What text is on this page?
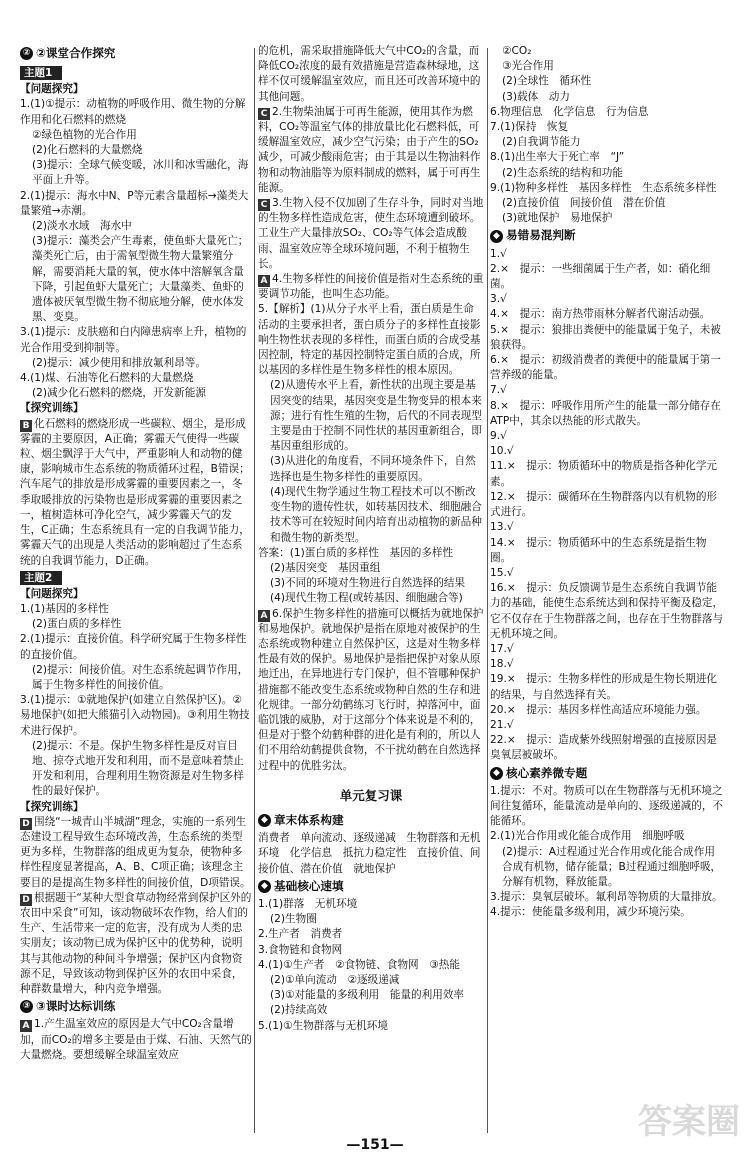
② ②课堂合作探究
主题1
【问题探究】
1.(1)①提示：动植物的呼吸作用、微生物的分解作用和化石燃料的燃烧
②绿色植物的光合作用
(2)化石燃料的大量燃烧
(3)提示：全球气候变暖，冰川和冰雪融化，海平面上升等。
2.(1)提示：海水中N、P等元素含量超标→藻类大量繁殖→赤潮。
(2)淡水水域　海水中
(3)提示：藻类会产生毒素，使鱼虾大量死亡；藻类死亡后，由于需氧型微生物大量繁殖分解，需要消耗大量的氧，使水体中溶解氧含量下降，引起鱼虾大量死亡；大量藻类、鱼虾的遗体被厌氧型微生物不彻底地分解，使水体发黑、变臭。
3.(1)提示：皮肤癌和白内障患病率上升，植物的光合作用受到抑制等。
(2)提示：减少使用和排放氟利昂等。
4.(1)煤、石油等化石燃料的大量燃烧
(2)减少化石燃料的燃烧，开发新能源
【探究训练】
B 化石燃料的燃烧形成一些碳粒、烟尘，是形成雾霾的主要原因，A正确；雾霾天气使得一些碳粒、烟尘飘浮于大气中，严重影响人和动物的健康，影响城市生态系统的物质循环过程，B错误；汽车尾气的排放是形成雾霾的重要因素之一，冬季取暖排放的污染物也是形成雾霾的重要因素之一，植树造林可净化空气，减少雾霾天气的发生，C正确；生态系统具有一定的自我调节能力，雾霾天气的出现是人类活动的影响超过了生态系统的自我调节能力，D正确。
主题2
【问题探究】
1.(1)基因的多样性
(2)蛋白质的多样性
2.(1)提示：直接价值。科学研究属于生物多样性的直接价值。
(2)提示：间接价值。对生态系统起调节作用，属于生物多样性的间接价值。
3.(1)提示：①就地保护(如建立自然保护区)。②易地保护(如把大熊猫引入动物园)。③利用生物技术进行保护。
(2)提示：不是。保护生物多样性是反对盲目地、掠夺式地开发和利用，而不是意味着禁止开发和利用，合理利用生物资源是对生物多样性的最好保护。
【探究训练】
D 围绕“一城青山半城湖”理念，实施的一系列生态建设工程导致生态环境改善，生态系统的类型更为多样，生物群落的组成更为复杂，使物种多样性程度显著提高，A、B、C项正确；该理念主要目的是提高生物多样性的间接价值，D项错误。
D 根据题干“某种大型食草动物经常到保护区外的农田中采食”可知，该动物破坏农作物，给人们的生产、生活带来一定的危害，没有成为人类的忠实朋友；该动物已成为保护区中的优势种，说明其与其他动物的种间斗争增强；保护区内食物资源不足，导致该动物到保护区外的农田中采食，种群数量增大，种内竞争增强。
③ ③课时达标训练
A 1.产生温室效应的原因是大气中CO₂含量增加，而CO₂的增多主要是由于煤、石油、天然气的大量燃烧。要想缓解全球温室效应
的危机，需采取措施降低大气中CO₂的含量，而降低CO₂浓度的最有效措施是营造森林绿地，这样不仅可缓解温室效应，而且还可改善环境中的其他问题。
C 2.生物柴油属于可再生能源，使用其作为燃料，CO₂等温室气体的排放量比化石燃料低，可缓解温室效应，减少空气污染；由于产生的SO₂减少，可减少酸雨危害；由于其是以生物油料作物和动物油脂等为原料制成的燃料，属于可再生能源。
C 3.生物入侵不仅加剧了生存斗争，同时对当地的生物多样性造成危害，使生态环境遭到破坏。工业生产大量排放SO₂、CO₂等气体会造成酸雨、温室效应等全球环境问题，不利于植物生长。
A 4.生物多样性的间接价值是指对生态系统的重要调节功能，也叫生态功能。
5.【解析】(1)从分子水平上看，蛋白质是生命活动的主要承担者，蛋白质分子的多样性直接影响生物性状表现的多样性，而蛋白质的合成受基因控制，特定的基因控制特定蛋白质的合成，所以基因的多样性是生物多样性的根本原因。
(2)从遗传水平上看，新性状的出现主要是基因突变的结果，基因突变是生物变异的根本来源；进行有性生殖的生物，后代的不同表现型主要是由于控制不同性状的基因重新组合，即基因重组形成的。
(3)从进化的角度看，不同环境条件下，自然选择也是生物多样性的重要原因。
(4)现代生物学通过生物工程技术可以不断改变生物的遗传性状，如转基因技术、细胞融合技术等可在较短时间内培育出动植物的新品种和微生物的新类型。
答案：(1)蛋白质的多样性　基因的多样性
(2)基因突变　基因重组
(3)不同的环境对生物进行自然选择的结果
(4)现代生物工程(或转基因、细胞融合等)
A 6.保护生物多样性的措施可以概括为就地保护和易地保护。就地保护是指在原地对被保护的生态系统或物种建立自然保护区，这是对生物多样性最有效的保护。易地保护是指把保护对象从原地迁出，在异地进行专门保护，但不管哪种保护措施都不能改变生态系统或物种自然的生存和进化规律。一部分幼鹤练习飞行时，掉落河中，面临饥饿的威胁，对于这部分个体来说是不利的，但是对于整个幼鹤种群的进化是有利的，所以人们不用给幼鹤提供食物，不干扰幼鹤在自然选择过程中的优胜劣汰。
单元复习课
◆ 章末体系构建
消费者　单向流动、逐级递减　生物群落和无机环境　化学信息　抵抗力稳定性　直接价值、间接价值、潜在价值　就地保护
◆ 基础核心速填
1.(1)群落　无机环境
(2)生物圈
2.生产者　消费者
3.食物链和食物网
4.(1)①生产者　②食物链、食物网　③热能
(2)①单向流动　②逐级递减
(3)①对能量的多级利用　能量的利用效率
(2)持续高效
5.(1)①生物群落与无机环境
②CO₂
③光合作用
(2)全球性　循环性
(3)载体　动力
6.物理信息　化学信息　行为信息
7.(1)保持　恢复
(2)自我调节能力
8.(1)出生率大于死亡率　“J”
(2)生态系统的结构和功能
9.(1)物种多样性　基因多样性　生态系统多样性
(2)直接价值　间接价值　潜在价值
(3)就地保护　易地保护
◆ 易错易混判断
1.√
2.×　提示：一些细菌属于生产者，如：硝化细菌。
3.√
4.×　提示：南方热带雨林分解者代谢活动强。
5.×　提示：狼排出粪便中的能量属于兔子，未被狼获得。
6.×　提示：初级消费者的粪便中的能量属于第一营养级的能量。
7.√
8.×　提示：呼吸作用所产生的能量一部分储存在ATP中，其余以热能的形式散失。
9.√
10.√
11.×　提示：物质循环中的物质是指各种化学元素。
12.×　提示：碳循环在生物群落内以有机物的形式进行。
13.√
14.×　提示：物质循环中的生态系统是指生物圈。
15.√
16.×　提示：负反馈调节是生态系统自我调节能力的基础，能使生态系统达到和保持平衡及稳定，它不仅存在于生物群落之间，也存在于生物群落与无机环境之间。
17.√
18.√
19.×　提示：生物多样性的形成是生物长期进化的结果，与自然选择有关。
20.×　提示：基因多样性高适应环境能力强。
21.√
22.×　提示：造成紫外线照射增强的直接原因是臭氧层被破坏。
◆ 核心素养微专题
1.提示：不对。物质可以在生物群落与无机环境之间往复循环，能量流动是单向的、逐级递减的，不能循环。
2.(1)光合作用或化能合成作用　细胞呼吸
(2)提示：A过程通过光合作用或化能合成作用合成有机物，储存能量；B过程通过细胞呼吸，分解有机物，释放能量。
3.提示：臭氧层破坏。氟利昂等物质的大量排放。
4.提示：使能量多级利用，减少环境污染。
—151—
答案圈
